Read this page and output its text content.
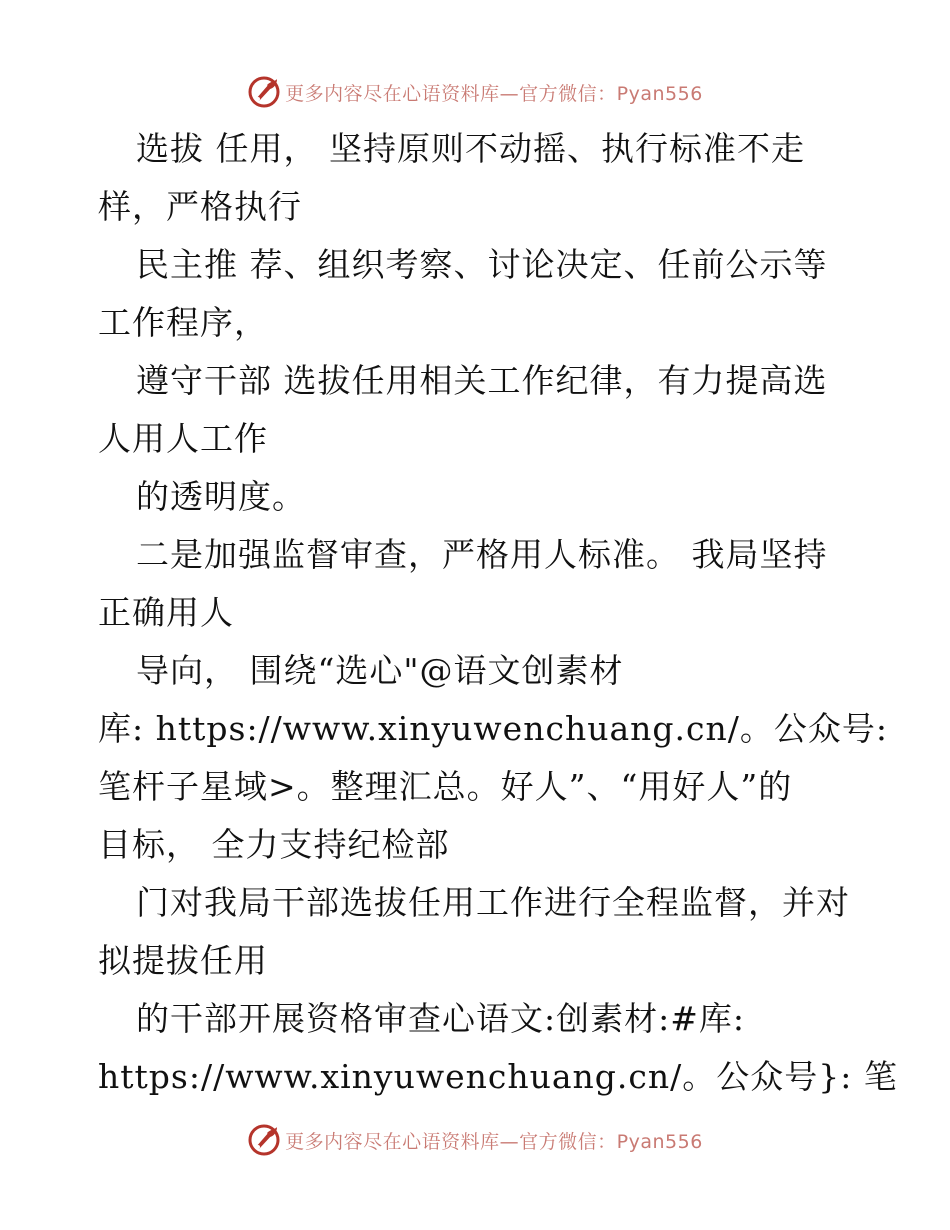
更多内容尽在心语资料库—官方微信：Pyan556
选拔 任用， 坚持原则不动摇、执行标准不走
样，严格执行
民主推 荐、组织考察、讨论决定、任前公示等
工作程序，
遵守干部 选拔任用相关工作纪律，有力提高选
人用人工作
的透明度。
二是加强监督审查，严格用人标准。 我局坚持
正确用人
导向， 围绕“选心"@语文创素材
库: https://www.xinyuwenchuang.cn/。公众号:
笔杆子星域>。整理汇总。好人”、“用好人”的
目标， 全力支持纪检部
门对我局干部选拔任用工作进行全程监督，并对
拟提拔任用
的干部开展资格审查心语文:创素材:#库:
https://www.xinyuwenchuang.cn/。公众号}: 笔
更多内容尽在心语资料库—官方微信：Pyan556
